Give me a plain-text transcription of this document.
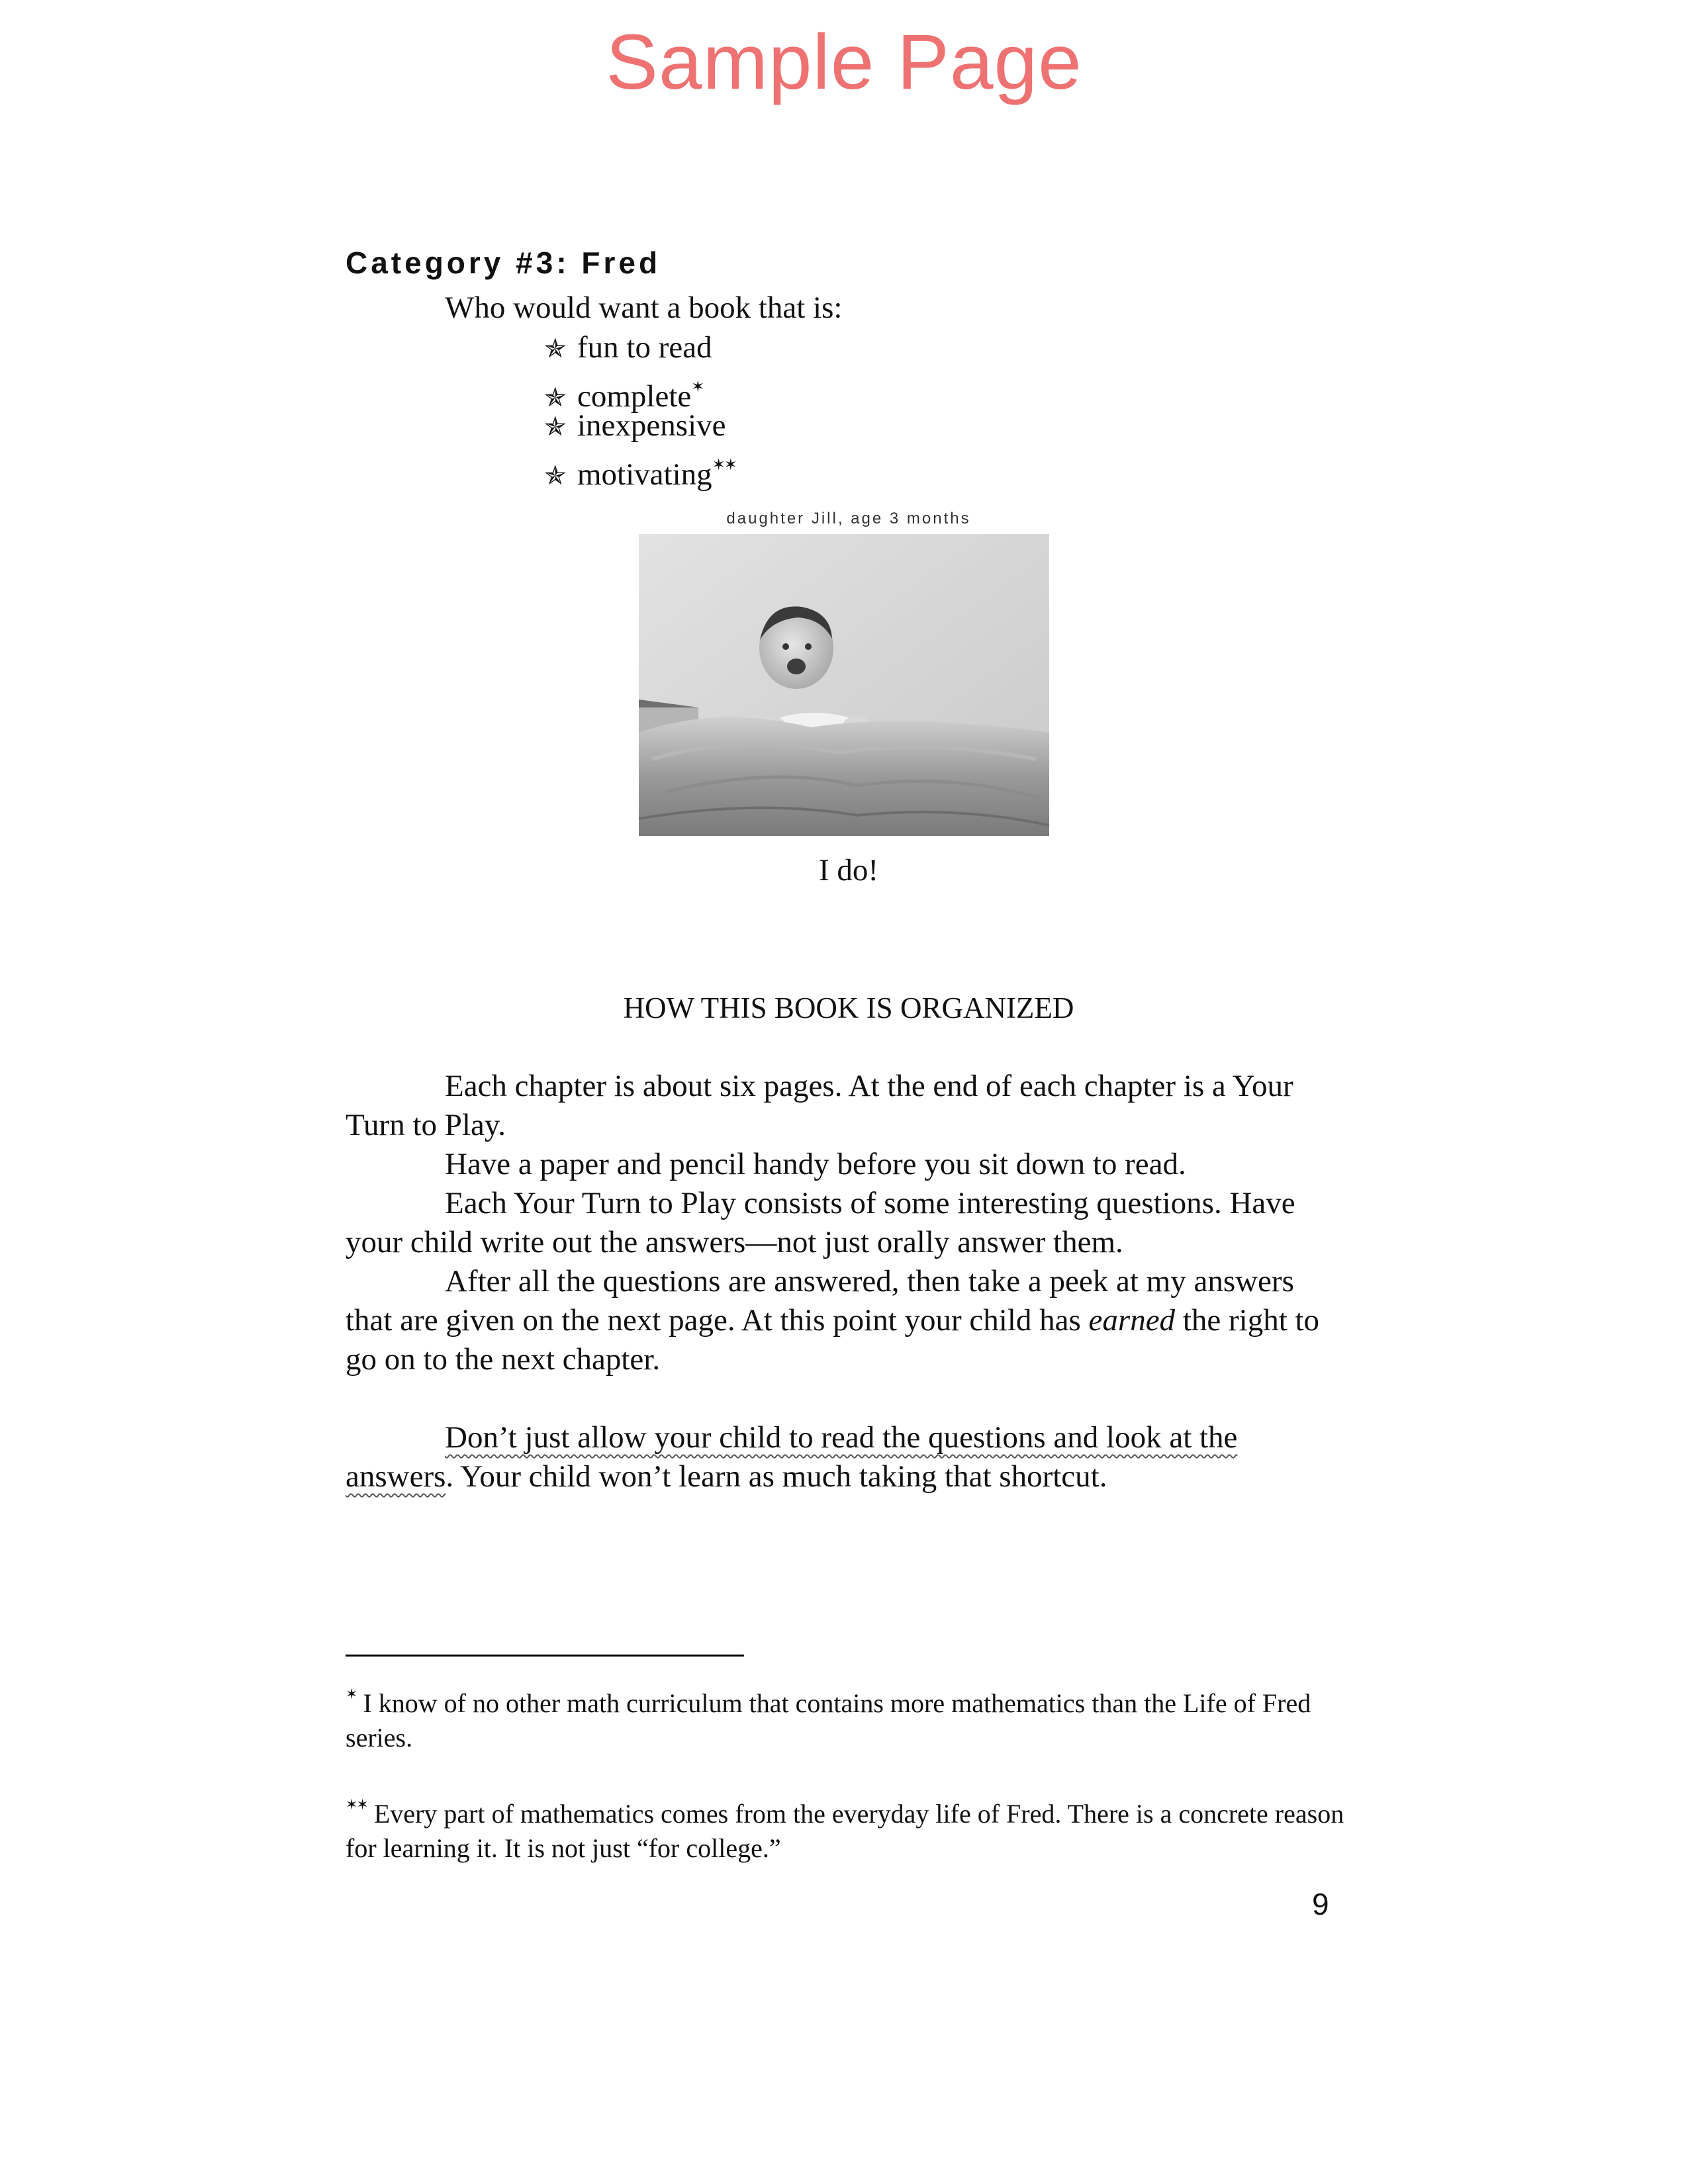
Sample Page
Category #3: Fred
Who would want a book that is:
✯ fun to read
✯ complete✶
✯ inexpensive
✯ motivating✶✶
daughter Jill, age 3 months
I do!
HOW THIS BOOK IS ORGANIZED

Each chapter is about six pages. At the end of each chapter is a Your Turn to Play.

Have a paper and pencil handy before you sit down to read.

Each Your Turn to Play consists of some interesting questions. Have your child write out the answers—not just orally answer them.

After all the questions are answered, then take a peek at my answers that are given on the next page. At this point your child has earned the right to go on to the next chapter.

Don’t just allow your child to read the questions and look at the answers. Your child won’t learn as much taking that shortcut.

✶ I know of no other math curriculum that contains more mathematics than the Life of Fred series.

✶✶ Every part of mathematics comes from the everyday life of Fred. There is a concrete reason for learning it. It is not just “for college.”

9
